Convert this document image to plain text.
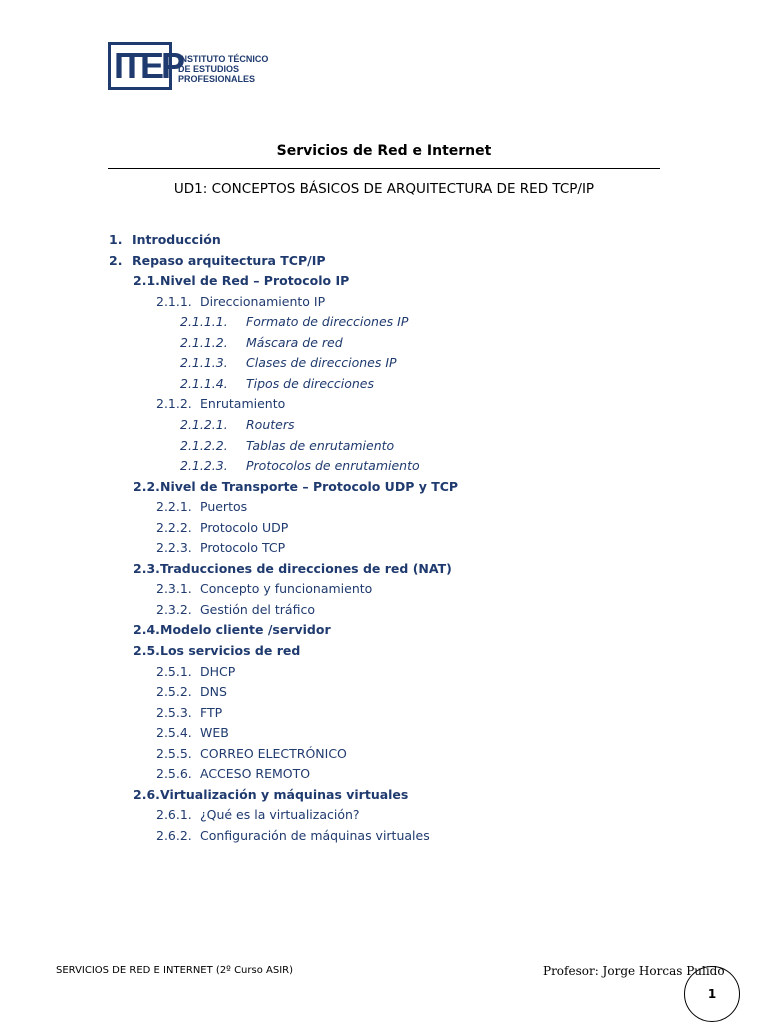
ITEP
INSTITUTO TÉCNICO
DE ESTUDIOS
PROFESIONALES
Servicios de Red e Internet
UD1: CONCEPTOS BÁSICOS DE ARQUITECTURA DE RED TCP/IP
1. Introducción
2. Repaso arquitectura TCP/IP
2.1. Nivel de Red – Protocolo IP
2.1.1. Direccionamiento IP
2.1.1.1. Formato de direcciones IP
2.1.1.2. Máscara de red
2.1.1.3. Clases de direcciones IP
2.1.1.4. Tipos de direcciones
2.1.2. Enrutamiento
2.1.2.1. Routers
2.1.2.2. Tablas de enrutamiento
2.1.2.3. Protocolos de enrutamiento
2.2. Nivel de Transporte – Protocolo UDP y TCP
2.2.1. Puertos
2.2.2. Protocolo UDP
2.2.3. Protocolo TCP
2.3. Traducciones de direcciones de red (NAT)
2.3.1. Concepto y funcionamiento
2.3.2. Gestión del tráfico
2.4. Modelo cliente /servidor
2.5. Los servicios de red
2.5.1. DHCP
2.5.2. DNS
2.5.3. FTP
2.5.4. WEB
2.5.5. CORREO ELECTRÓNICO
2.5.6. ACCESO REMOTO
2.6. Virtualización y máquinas virtuales
2.6.1. ¿Qué es la virtualización?
2.6.2. Configuración de máquinas virtuales
SERVICIOS DE RED E INTERNET (2º Curso ASIR)	Profesor: Jorge Horcas Pulido
1
